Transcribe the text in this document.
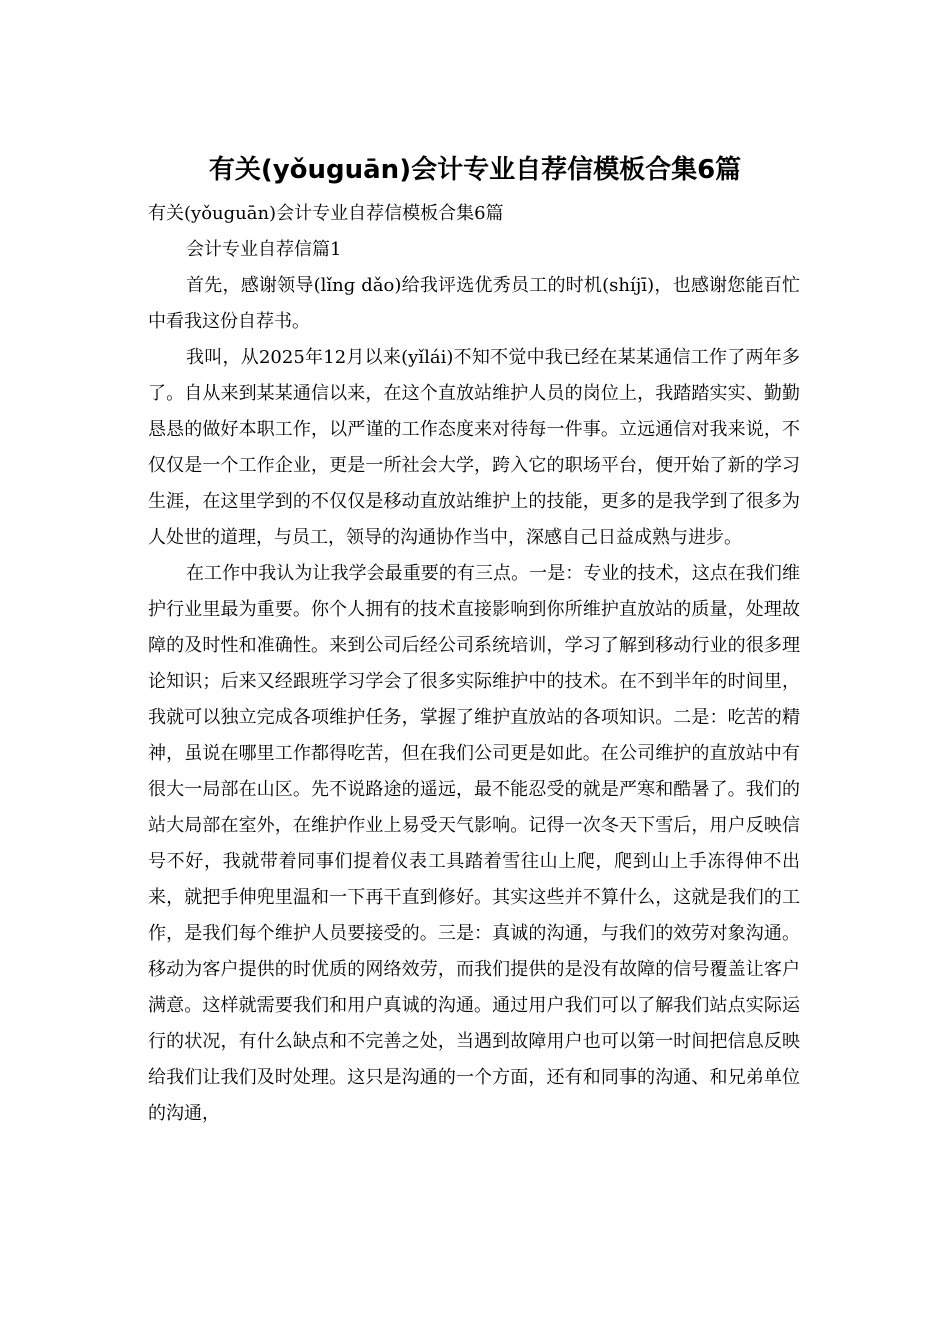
有关(yǒuguān)会计专业自荐信模板合集6篇

有关(yǒuguān)会计专业自荐信模板合集6篇

会计专业自荐信篇1

首先，感谢领导(lǐnɡ dǎo)给我评选优秀员工的时机(shíjī)，也感谢您能百忙中看我这份自荐书。

我叫，从2025年12月以来(yǐlái)不知不觉中我已经在某某通信工作了两年多了。自从来到某某通信以来，在这个直放站维护人员的岗位上，我踏踏实实、勤勤恳恳的做好本职工作，以严谨的工作态度来对待每一件事。立远通信对我来说，不仅仅是一个工作企业，更是一所社会大学，跨入它的职场平台，便开始了新的学习生涯，在这里学到的不仅仅是移动直放站维护上的技能，更多的是我学到了很多为人处世的道理，与员工，领导的沟通协作当中，深感自己日益成熟与进步。

在工作中我认为让我学会最重要的有三点。一是：专业的技术，这点在我们维护行业里最为重要。你个人拥有的技术直接影响到你所维护直放站的质量，处理故障的及时性和准确性。来到公司后经公司系统培训，学习了解到移动行业的很多理论知识；后来又经跟班学习学会了很多实际维护中的技术。在不到半年的时间里，我就可以独立完成各项维护任务，掌握了维护直放站的各项知识。二是：吃苦的精神，虽说在哪里工作都得吃苦，但在我们公司更是如此。在公司维护的直放站中有很大一局部在山区。先不说路途的遥远，最不能忍受的就是严寒和酷暑了。我们的站大局部在室外，在维护作业上易受天气影响。记得一次冬天下雪后，用户反映信号不好，我就带着同事们提着仪表工具踏着雪往山上爬，爬到山上手冻得伸不出来，就把手伸兜里温和一下再干直到修好。其实这些并不算什么，这就是我们的工作，是我们每个维护人员要接受的。三是：真诚的沟通，与我们的效劳对象沟通。移动为客户提供的时优质的网络效劳，而我们提供的是没有故障的信号覆盖让客户满意。这样就需要我们和用户真诚的沟通。通过用户我们可以了解我们站点实际运行的状况，有什么缺点和不完善之处，当遇到故障用户也可以第一时间把信息反映给我们让我们及时处理。这只是沟通的一个方面，还有和同事的沟通、和兄弟单位的沟通，
